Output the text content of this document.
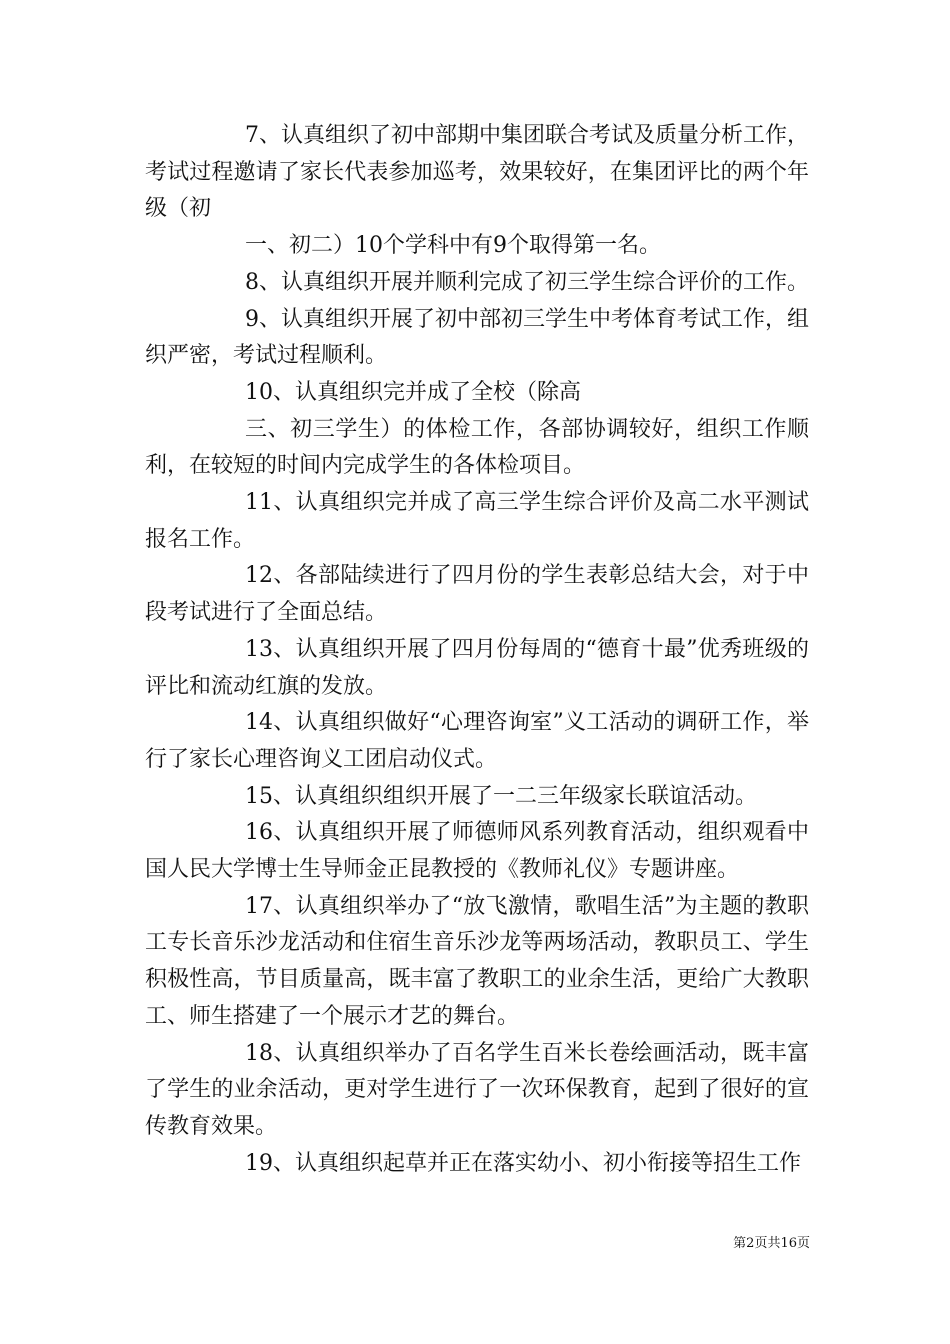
7、认真组织了初中部期中集团联合考试及质量分析工作，考试过程邀请了家长代表参加巡考，效果较好，在集团评比的两个年级（初

一、初二）10个学科中有9个取得第一名。

8、认真组织开展并顺利完成了初三学生综合评价的工作。

9、认真组织开展了初中部初三学生中考体育考试工作，组织严密，考试过程顺利。

10、认真组织完并成了全校（除高

三、初三学生）的体检工作，各部协调较好，组织工作顺利，在较短的时间内完成学生的各体检项目。

11、认真组织完并成了高三学生综合评价及高二水平测试报名工作。

12、各部陆续进行了四月份的学生表彰总结大会，对于中段考试进行了全面总结。

13、认真组织开展了四月份每周的“德育十最”优秀班级的评比和流动红旗的发放。

14、认真组织做好“心理咨询室”义工活动的调研工作，举行了家长心理咨询义工团启动仪式。

15、认真组织组织开展了一二三年级家长联谊活动。

16、认真组织开展了师德师风系列教育活动，组织观看中国人民大学博士生导师金正昆教授的《教师礼仪》专题讲座。

17、认真组织举办了“放飞激情，歌唱生活”为主题的教职工专长音乐沙龙活动和住宿生音乐沙龙等两场活动，教职员工、学生积极性高，节目质量高，既丰富了教职工的业余生活，更给广大教职工、师生搭建了一个展示才艺的舞台。

18、认真组织举办了百名学生百米长卷绘画活动，既丰富了学生的业余活动，更对学生进行了一次环保教育，起到了很好的宣传教育效果。

19、认真组织起草并正在落实幼小、初小衔接等招生工作

第2页共16页
